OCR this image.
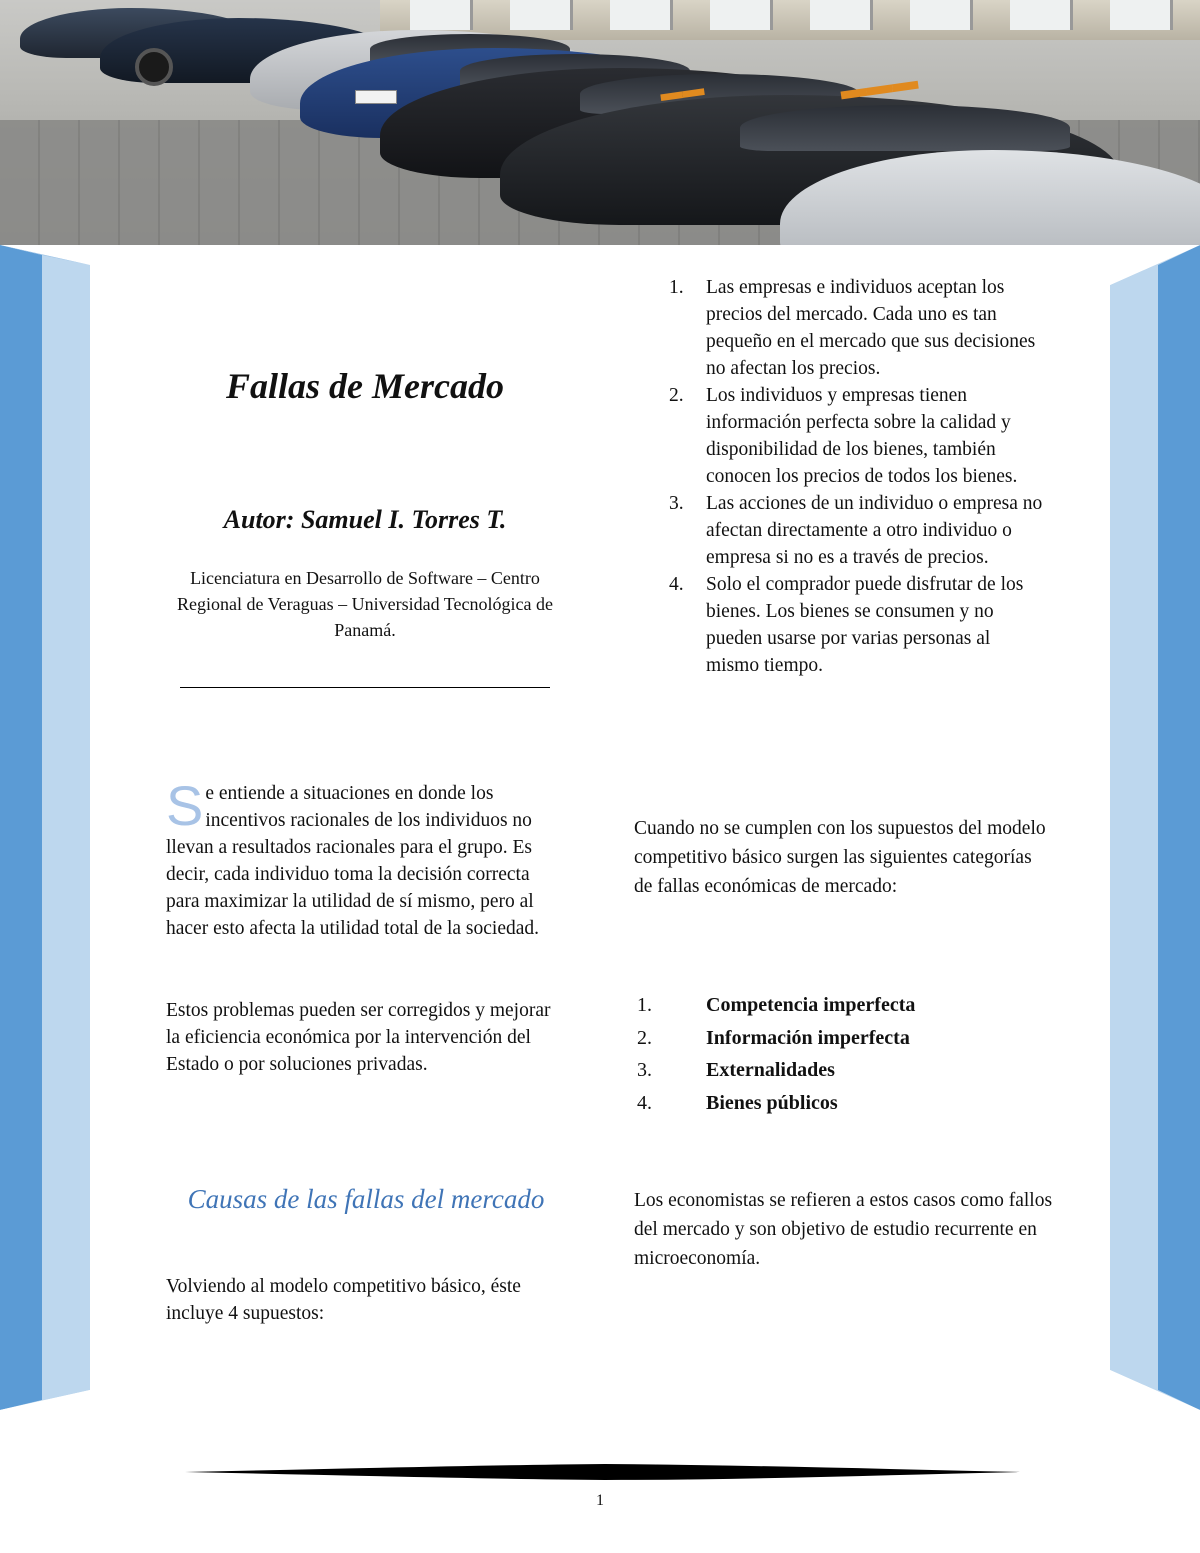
▬▬	▬▬▬
Fallas de Mercado
Autor: Samuel I. Torres T.

Licenciatura en Desarrollo de Software – Centro Regional de Veraguas – Universidad Tecnológica de Panamá.

Se entiende a situaciones en donde los incentivos racionales de los individuos no llevan a resultados racionales para el grupo. Es decir, cada individuo toma la decisión correcta para maximizar la utilidad de sí mismo, pero al hacer esto afecta la utilidad total de la sociedad.

Estos problemas pueden ser corregidos y mejorar la eficiencia económica por la intervención del Estado o por soluciones privadas.

Causas de las fallas del mercado

Volviendo al modelo competitivo básico, éste incluye 4 supuestos:

1. Las empresas e individuos aceptan los precios del mercado. Cada uno es tan pequeño en el mercado que sus decisiones no afectan los precios.
2. Los individuos y empresas tienen información perfecta sobre la calidad y disponibilidad de los bienes, también conocen los precios de todos los bienes.
3. Las acciones de un individuo o empresa no afectan directamente a otro individuo o empresa si no es a través de precios.
4. Solo el comprador puede disfrutar de los bienes. Los bienes se consumen y no pueden usarse por varias personas al mismo tiempo.

Cuando no se cumplen con los supuestos del modelo competitivo básico surgen las siguientes categorías de fallas económicas de mercado:

1.	Competencia imperfecta
2.	Información imperfecta
3.	Externalidades
4.	Bienes públicos

Los economistas se refieren a estos casos como fallos del mercado y son objetivo de estudio recurrente en microeconomía.

1
